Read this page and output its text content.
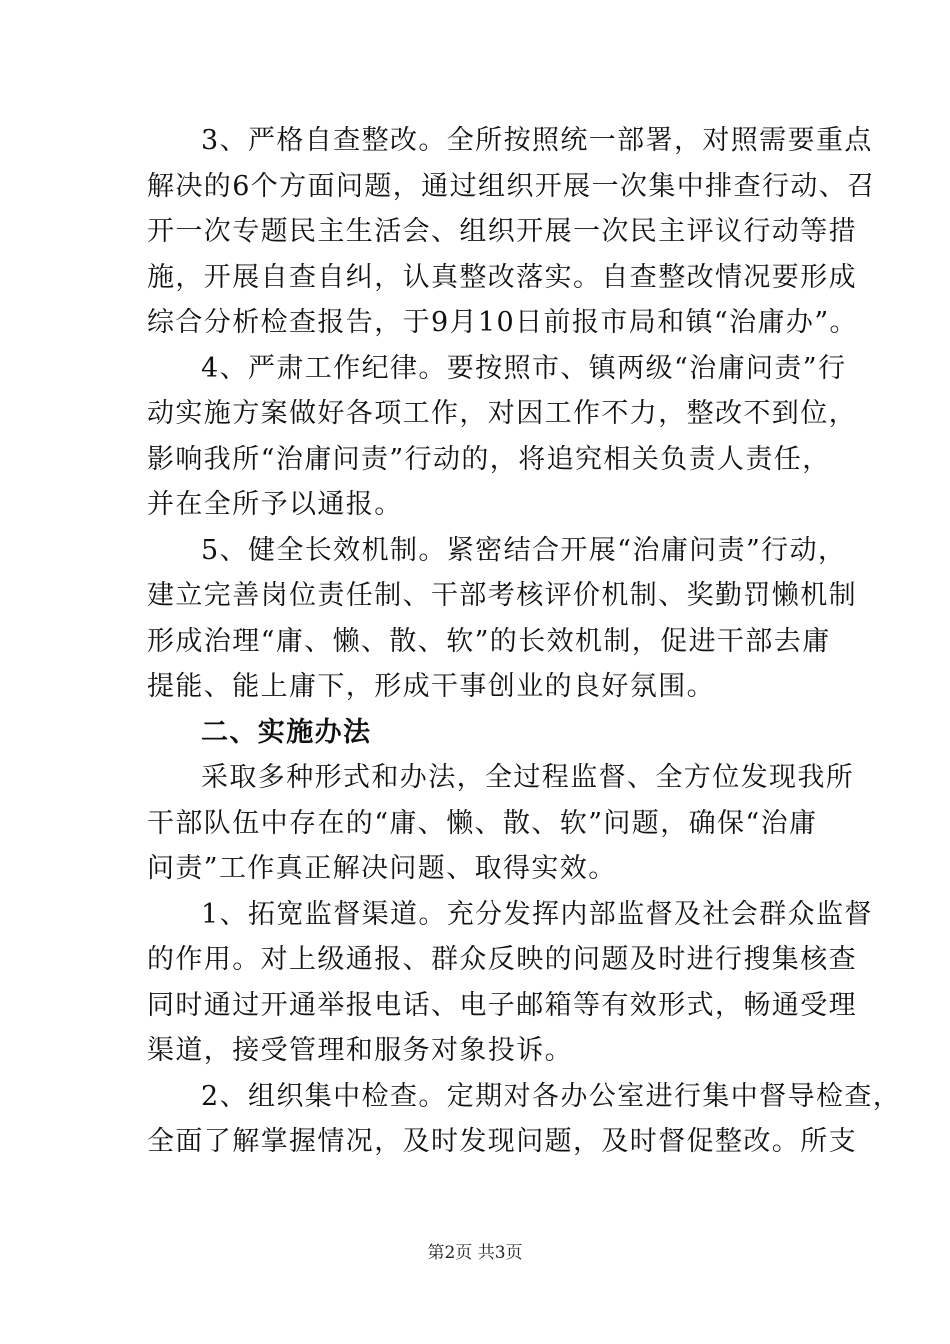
3、严格自查整改。全所按照统一部署，对照需要重点
解决的6个方面问题，通过组织开展一次集中排查行动、召
开一次专题民主生活会、组织开展一次民主评议行动等措
施，开展自查自纠，认真整改落实。自查整改情况要形成
综合分析检查报告，于9月10日前报市局和镇“治庸办”。

4、严肃工作纪律。要按照市、镇两级“治庸问责”行
动实施方案做好各项工作，对因工作不力，整改不到位，
影响我所“治庸问责”行动的，将追究相关负责人责任，
并在全所予以通报。

5、健全长效机制。紧密结合开展“治庸问责”行动，
建立完善岗位责任制、干部考核评价机制、奖勤罚懒机制
形成治理“庸、懒、散、软”的长效机制，促进干部去庸
提能、能上庸下，形成干事创业的良好氛围。

二、实施办法

采取多种形式和办法，全过程监督、全方位发现我所
干部队伍中存在的“庸、懒、散、软”问题，确保“治庸
问责”工作真正解决问题、取得实效。

1、拓宽监督渠道。充分发挥内部监督及社会群众监督
的作用。对上级通报、群众反映的问题及时进行搜集核查
同时通过开通举报电话、电子邮箱等有效形式，畅通受理
渠道，接受管理和服务对象投诉。

2、组织集中检查。定期对各办公室进行集中督导检查，
全面了解掌握情况，及时发现问题，及时督促整改。所支

第2页 共3页
